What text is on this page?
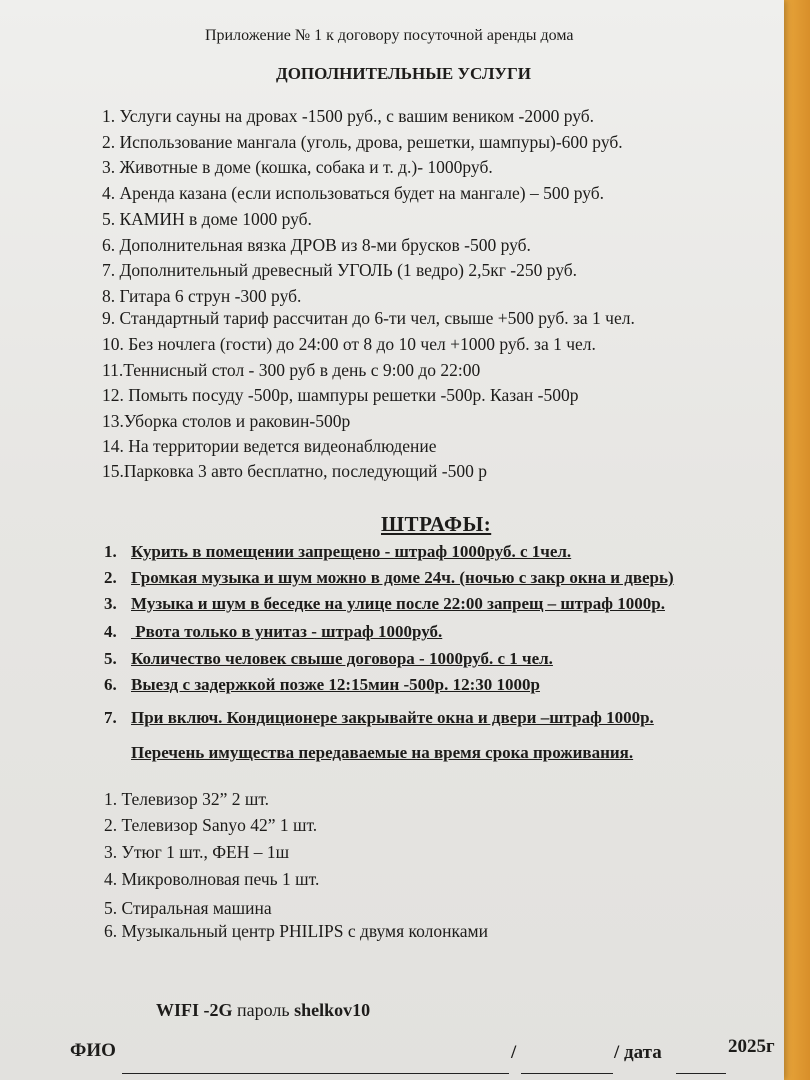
Приложение № 1 к договору посуточной аренды дома
ДОПОЛНИТЕЛЬНЫЕ УСЛУГИ
1. Услуги сауны на дровах -1500 руб., с вашим веником -2000 руб.
2. Использование мангала (уголь, дрова, решетки, шампуры)-600 руб.
3. Животные в доме (кошка, собака и т. д.)- 1000руб.
4. Аренда казана (если использоваться будет на мангале) – 500 руб.
5. КАМИН в доме 1000 руб.
6. Дополнительная вязка ДРОВ из 8-ми брусков -500 руб.
7. Дополнительный древесный УГОЛЬ (1 ведро) 2,5кг -250 руб.
8. Гитара 6 струн -300 руб.
9. Стандартный тариф рассчитан до 6-ти чел, свыше +500 руб. за 1 чел.
10. Без ночлега (гости) до 24:00 от 8 до 10 чел +1000 руб. за 1 чел.
11.Теннисный стол - 300 руб в день с 9:00 до 22:00
12. Помыть посуду -500р, шампуры решетки -500р. Казан -500р
13.Уборка столов и раковин-500р
14. На территории ведется видеонаблюдение
15.Парковка 3 авто бесплатно, последующий -500 р
ШТРАФЫ:
1. Курить в помещении запрещено - штраф 1000руб. с 1чел.
2. Громкая музыка и шум можно в доме 24ч. (ночью с закр окна и дверь)
3. Музыка и шум в беседке на улице после 22:00 запрещ – штраф 1000р.
4. Рвота только в унитаз - штраф 1000руб.
5. Количество человек свыше договора - 1000руб. с 1 чел.
6. Выезд с задержкой позже 12:15мин -500р. 12:30 1000р
7. При включ. Кондиционере закрывайте окна и двери –штраф 1000р.
Перечень имущества передаваемые на время срока проживания.
1. Телевизор 32” 2 шт.
2. Телевизор Sanyo 42” 1 шт.
3. Утюг 1 шт., ФЕН – 1ш
4. Микроволновая печь 1 шт.
5. Стиральная машина
6. Музыкальный центр PHILIPS с двумя колонками
WIFI -2G пароль shelkov10
ФИО	/	/ дата	2025г
